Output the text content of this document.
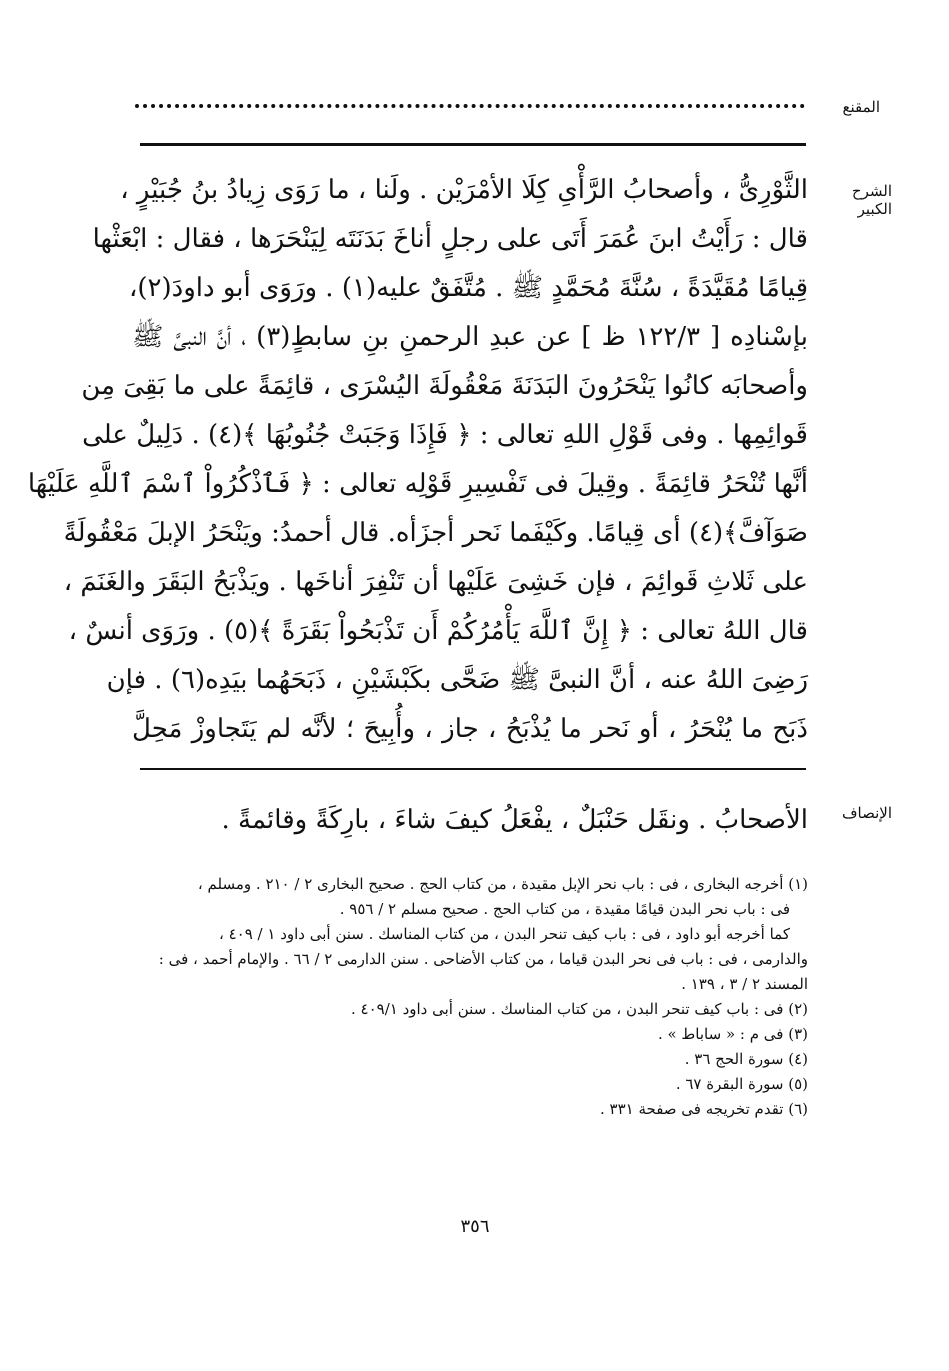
المقنع
الشرح الكبير
الثَّوْرِىُّ ، وأصحابُ الرَّأْىِ كِلَا الأمْرَيْن . ولَنا ، ما رَوَى زِيادُ بنُ جُبَيْرٍ ،
قال : رَأَيْتُ ابنَ عُمَرَ أَتَى على رجلٍ أناخَ بَدَنَتَه لِيَنْحَرَها ، فقال : ابْعَثْها
قِيامًا مُقَيَّدَةً ، سُنَّةَ مُحَمَّدٍ ﷺ . مُتَّفَقٌ عليه(١) . ورَوَى أبو داودَ(٢)،
بإسْنادِه [ ١٢٢/٣ ظ ] عن عبدِ الرحمنِ بنِ سابطٍ(٣) ، أنَّ النبىَّ ﷺ
وأصحابَه كانُوا يَنْحَرُونَ البَدَنَةَ مَعْقُولَةَ اليُسْرَى ، قائِمَةً على ما بَقِىَ مِن
قَوائِمِها . وفى قَوْلِ اللهِ تعالى : ﴿ فَإِذَا وَجَبَتْ جُنُوبُهَا ﴾(٤) . دَلِيلٌ على
أنَّها تُنْحَرُ قائِمَةً . وقِيلَ فى تَفْسِيرِ قَوْلِه تعالى : ﴿ فَٱذْكُرُواْ ٱسْمَ ٱللَّهِ عَلَيْهَا
صَوَآفَّ﴾(٤) أى قِيامًا. وكَيْفَما نَحر أجزَأه. قال أحمدُ: ويَنْحَرُ الإبلَ مَعْقُولَةً
على ثَلاثِ قَوائِمَ ، فإن خَشِىَ عَلَيْها أن تَنْفِرَ أناخَها . ويَذْبَحُ البَقَرَ والغَنَمَ ،
قال اللهُ تعالى : ﴿ إِنَّ ٱللَّهَ يَأْمُرُكُمْ أَن تَذْبَحُواْ بَقَرَةً ﴾(٥) . ورَوَى أنسٌ ،
رَضِىَ اللهُ عنه ، أنَّ النبىَّ ﷺ ضَحَّى بكَبْشَيْنِ ، ذَبَحَهُما بيَدِه(٦) . فإن
ذَبَح ما يُنْحَرُ ، أو نَحر ما يُذْبَحُ ، جاز ، وأُبِيحَ ؛ لأنَّه لم يَتَجاوزْ مَحِلَّ
الإنصاف
الأصحابُ . ونقَل حَنْبَلٌ ، يفْعَلُ كيفَ شاءَ ، بارِكَةً وقائمةً .
(١) أخرجه البخارى ، فى : باب نحر الإبل مقيدة ، من كتاب الحج . صحيح البخارى ٢ / ٢١٠ . ومسلم ،
فى : باب نحر البدن قيامًا مقيدة ، من كتاب الحج . صحيح مسلم ٢ / ٩٥٦ .
كما أخرجه أبو داود ، فى : باب كيف تنحر البدن ، من كتاب المناسك . سنن أبى داود ١ / ٤٠٩ ،
والدارمى ، فى : باب فى نحر البدن قياما ، من كتاب الأضاحى . سنن الدارمى ٢ / ٦٦ . والإمام أحمد ، فى :
المسند ٢ / ٣ ، ١٣٩ .
(٢) فى : باب كيف تنحر البدن ، من كتاب المناسك . سنن أبى داود ٤٠٩/١ .
(٣) فى م : « ساباط » .
(٤) سورة الحج ٣٦ .
(٥) سورة البقرة ٦٧ .
(٦) تقدم تخريجه فى صفحة ٣٣١ .
٣٥٦
